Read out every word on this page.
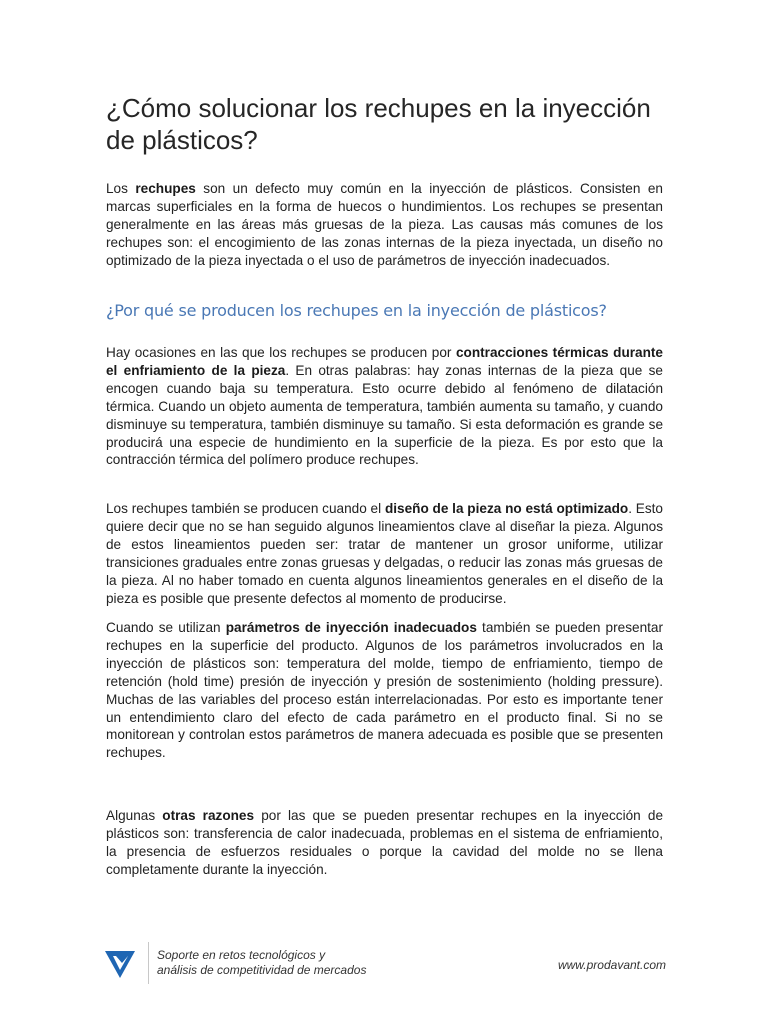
¿Cómo solucionar los rechupes en la inyección de plásticos?

Los rechupes son un defecto muy común en la inyección de plásticos. Consisten en marcas superficiales en la forma de huecos o hundimientos. Los rechupes se presentan generalmente en las áreas más gruesas de la pieza. Las causas más comunes de los rechupes son: el encogimiento de las zonas internas de la pieza inyectada, un diseño no optimizado de la pieza inyectada o el uso de parámetros de inyección inadecuados.

¿Por qué se producen los rechupes en la inyección de plásticos?

Hay ocasiones en las que los rechupes se producen por contracciones térmicas durante el enfriamiento de la pieza. En otras palabras: hay zonas internas de la pieza que se encogen cuando baja su temperatura. Esto ocurre debido al fenómeno de dilatación térmica. Cuando un objeto aumenta de temperatura, también aumenta su tamaño, y cuando disminuye su temperatura, también disminuye su tamaño. Si esta deformación es grande se producirá una especie de hundimiento en la superficie de la pieza. Es por esto que la contracción térmica del polímero produce rechupes.

Los rechupes también se producen cuando el diseño de la pieza no está optimizado. Esto quiere decir que no se han seguido algunos lineamientos clave al diseñar la pieza. Algunos de estos lineamientos pueden ser: tratar de mantener un grosor uniforme, utilizar transiciones graduales entre zonas gruesas y delgadas, o reducir las zonas más gruesas de la pieza. Al no haber tomado en cuenta algunos lineamientos generales en el diseño de la pieza es posible que presente defectos al momento de producirse.

Cuando se utilizan parámetros de inyección inadecuados también se pueden presentar rechupes en la superficie del producto. Algunos de los parámetros involucrados en la inyección de plásticos son: temperatura del molde, tiempo de enfriamiento, tiempo de retención (hold time) presión de inyección y presión de sostenimiento (holding pressure). Muchas de las variables del proceso están interrelacionadas. Por esto es importante tener un entendimiento claro del efecto de cada parámetro en el producto final. Si no se monitorean y controlan estos parámetros de manera adecuada es posible que se presenten rechupes.

Algunas otras razones por las que se pueden presentar rechupes en la inyección de plásticos son: transferencia de calor inadecuada, problemas en el sistema de enfriamiento, la presencia de esfuerzos residuales o porque la cavidad del molde no se llena completamente durante la inyección.

Soporte en retos tecnológicos y
análisis de competitividad de mercados	www.prodavant.com
